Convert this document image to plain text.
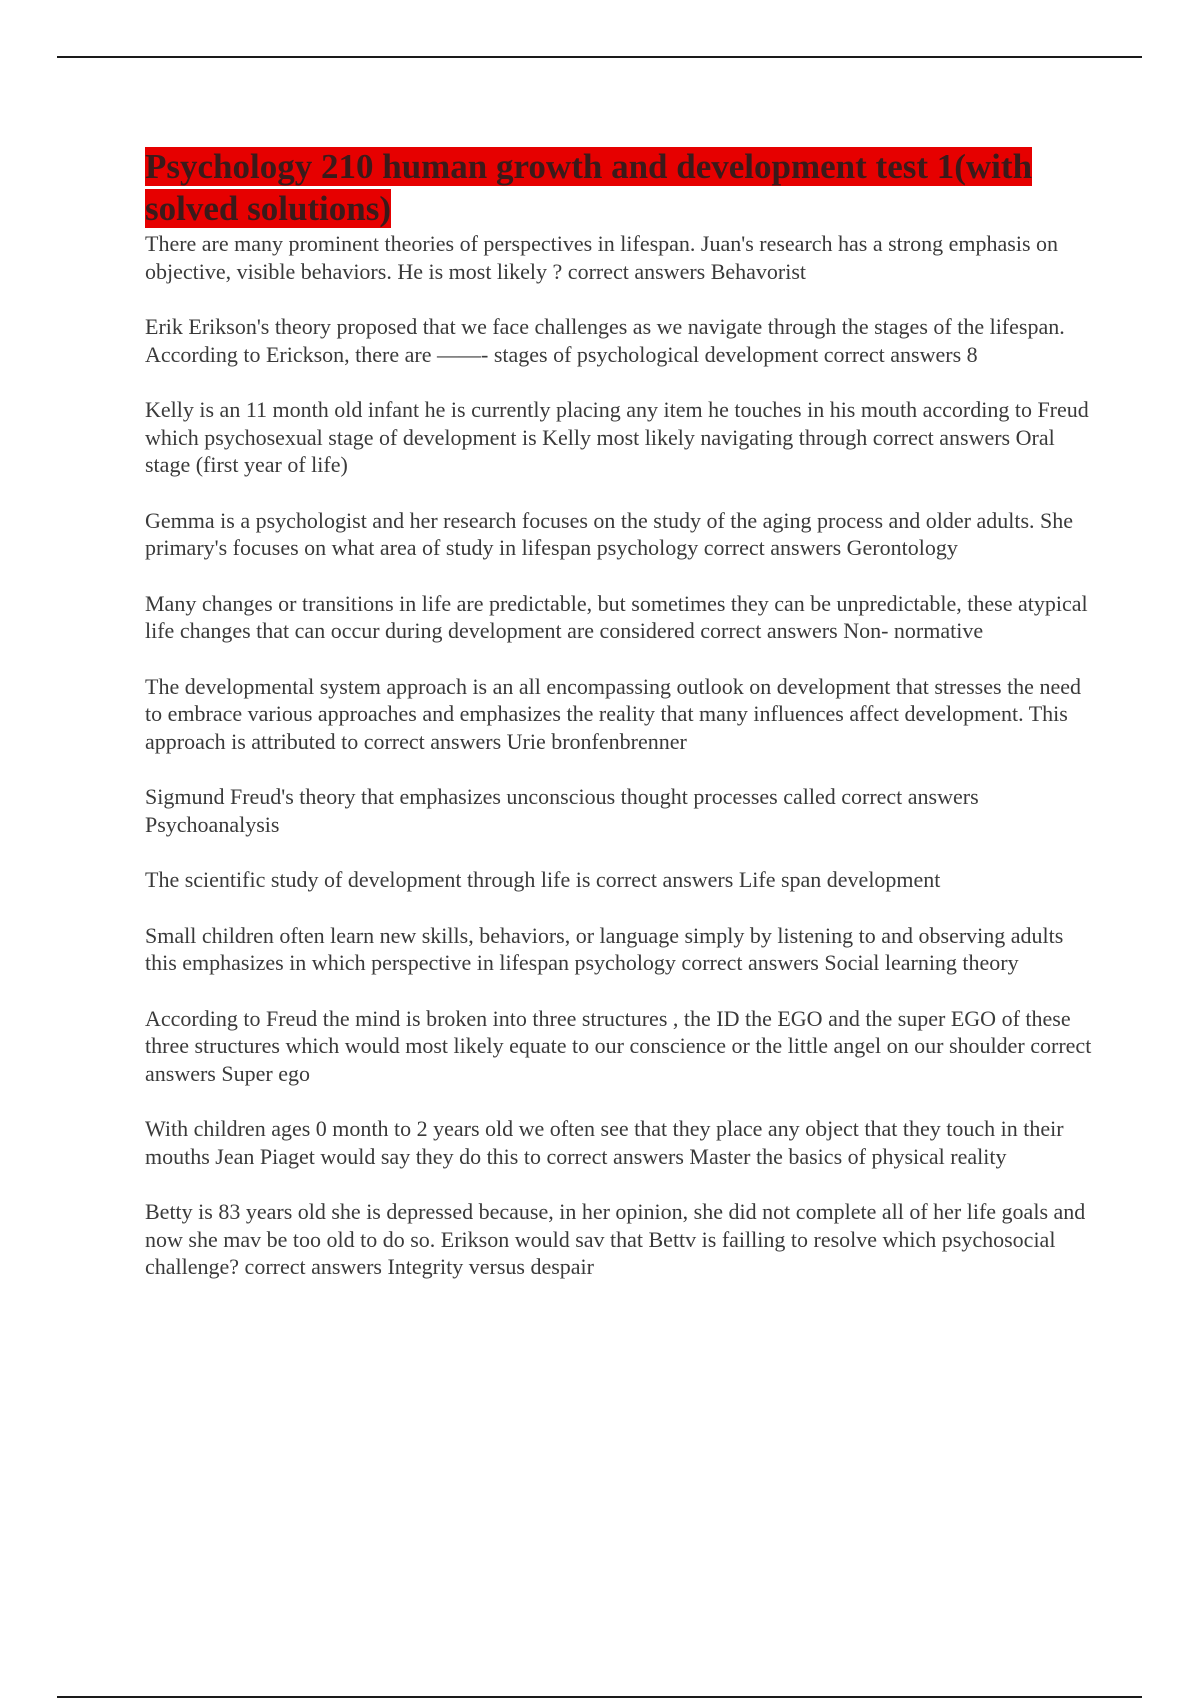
Psychology 210 human growth and development test 1(with solved solutions)
There are many prominent theories of perspectives in lifespan. Juan's research has a strong emphasis on objective, visible behaviors. He is most likely ? correct answers Behavorist
Erik Erikson's theory proposed that we face challenges as we navigate through the stages of the lifespan. According to Erickson, there are ——- stages of psychological development correct answers 8
Kelly is an 11 month old infant he is currently placing any item he touches in his mouth according to Freud which psychosexual stage of development is Kelly most likely navigating through correct answers Oral stage (first year of life)
Gemma is a psychologist and her research focuses on the study of the aging process and older adults. She primary's focuses on what area of study in lifespan psychology correct answers Gerontology
Many changes or transitions in life are predictable, but sometimes they can be unpredictable, these atypical life changes that can occur during development are considered correct answers Non- normative
The developmental system approach is an all encompassing outlook on development that stresses the need to embrace various approaches and emphasizes the reality that many influences affect development. This approach is attributed to correct answers Urie bronfenbrenner
Sigmund Freud's theory that emphasizes unconscious thought processes called correct answers Psychoanalysis
The scientific study of development through life is correct answers Life span development
Small children often learn new skills, behaviors, or language simply by listening to and observing adults this emphasizes in which perspective in lifespan psychology correct answers Social learning theory
According to Freud the mind is broken into three structures , the ID the EGO and the super EGO of these three structures which would most likely equate to our conscience or the little angel on our shoulder correct answers Super ego
With children ages 0 month to 2 years old we often see that they place any object that they touch in their mouths Jean Piaget would say they do this to correct answers Master the basics of physical reality
Betty is 83 years old she is depressed because, in her opinion, she did not complete all of her life goals and now she mav be too old to do so. Erikson would sav that Bettv is failling to resolve which psychosocial challenge? correct answers Integrity versus despair
